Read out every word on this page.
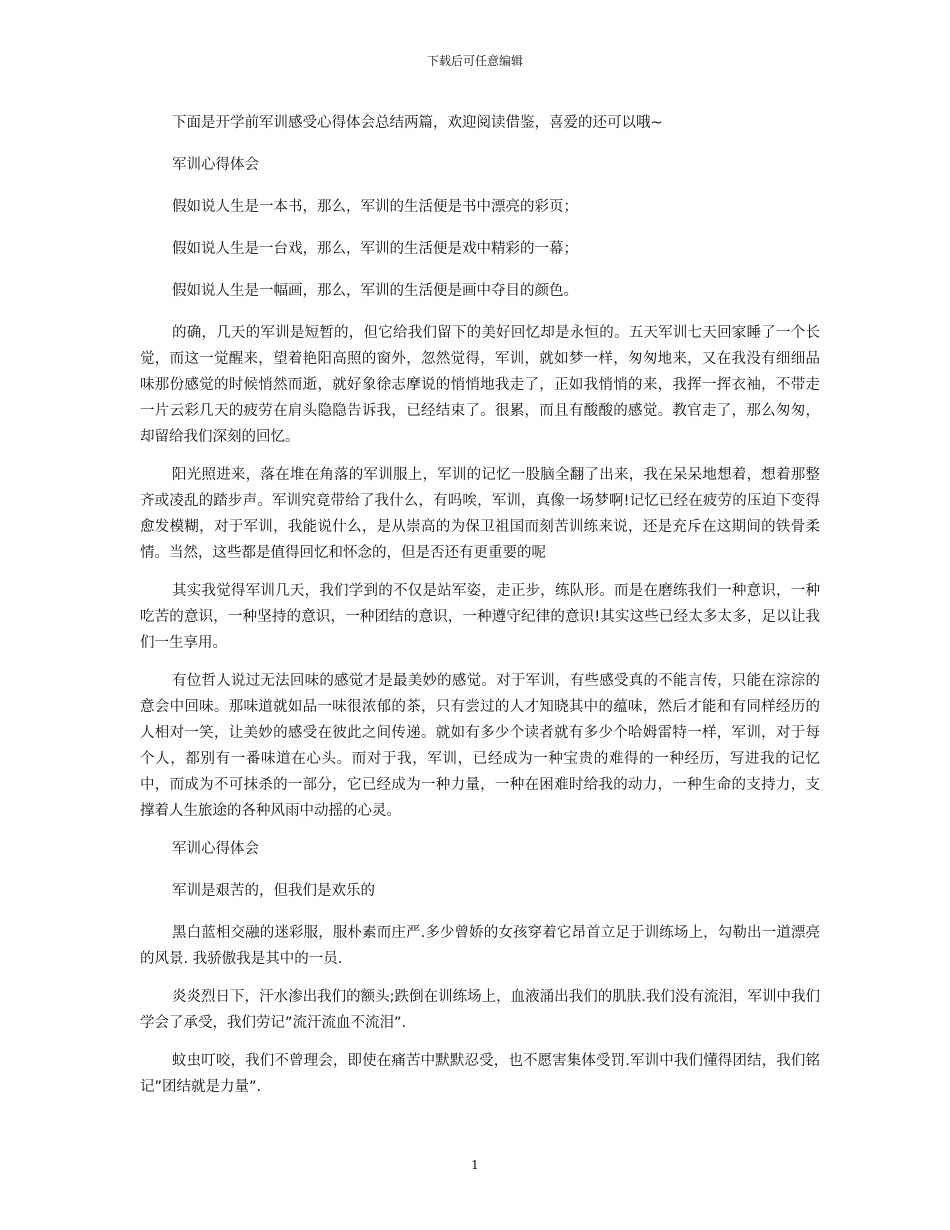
下载后可任意编辑

下面是开学前军训感受心得体会总结两篇，欢迎阅读借鉴，喜爱的还可以哦~

军训心得体会

假如说人生是一本书，那么，军训的生活便是书中漂亮的彩页；

假如说人生是一台戏，那么，军训的生活便是戏中精彩的一幕；

假如说人生是一幅画，那么，军训的生活便是画中夺目的颜色。

的确，几天的军训是短暂的，但它给我们留下的美好回忆却是永恒的。五天军训七天回家睡了一个长觉，而这一觉醒来，望着艳阳高照的窗外，忽然觉得，军训，就如梦一样，匆匆地来，又在我没有细细品味那份感觉的时候悄然而逝，就好象徐志摩说的悄悄地我走了，正如我悄悄的来，我挥一挥衣袖，不带走一片云彩几天的疲劳在肩头隐隐告诉我，已经结束了。很累，而且有酸酸的感觉。教官走了，那么匆匆，却留给我们深刻的回忆。

阳光照进来，落在堆在角落的军训服上，军训的记忆一股脑全翻了出来，我在呆呆地想着，想着那整齐或凌乱的踏步声。军训究竟带给了我什么，有吗唉，军训，真像一场梦啊!记忆已经在疲劳的压迫下变得愈发模糊，对于军训，我能说什么，是从崇高的为保卫祖国而刻苦训练来说，还是充斥在这期间的铁骨柔情。当然，这些都是值得回忆和怀念的，但是否还有更重要的呢

其实我觉得军训几天，我们学到的不仅是站军姿，走正步，练队形。而是在磨练我们一种意识，一种吃苦的意识，一种坚持的意识，一种团结的意识，一种遵守纪律的意识!其实这些已经太多太多，足以让我们一生享用。

有位哲人说过无法回味的感觉才是最美妙的感觉。对于军训，有些感受真的不能言传，只能在淙淙的意会中回味。那味道就如品一味很浓郁的茶，只有尝过的人才知晓其中的蕴味，然后才能和有同样经历的人相对一笑，让美妙的感受在彼此之间传递。就如有多少个读者就有多少个哈姆雷特一样，军训，对于每个人，都别有一番味道在心头。而对于我，军训，已经成为一种宝贵的难得的一种经历，写进我的记忆中，而成为不可抹杀的一部分，它已经成为一种力量，一种在困难时给我的动力，一种生命的支持力，支撑着人生旅途的各种风雨中动摇的心灵。

军训心得体会

军训是艰苦的，但我们是欢乐的

黑白蓝相交融的迷彩服，服朴素而庄严.多少曾娇的女孩穿着它昂首立足于训练场上，勾勒出一道漂亮的风景. 我骄傲我是其中的一员.

炎炎烈日下，汗水渗出我们的额头;跌倒在训练场上，血液涌出我们的肌肤.我们没有流泪，军训中我们学会了承受，我们劳记”流汗流血不流泪”.

蚊虫叮咬，我们不曾理会，即使在痛苦中默默忍受，也不愿害集体受罚.军训中我们懂得团结，我们铭记”团结就是力量”.

1
